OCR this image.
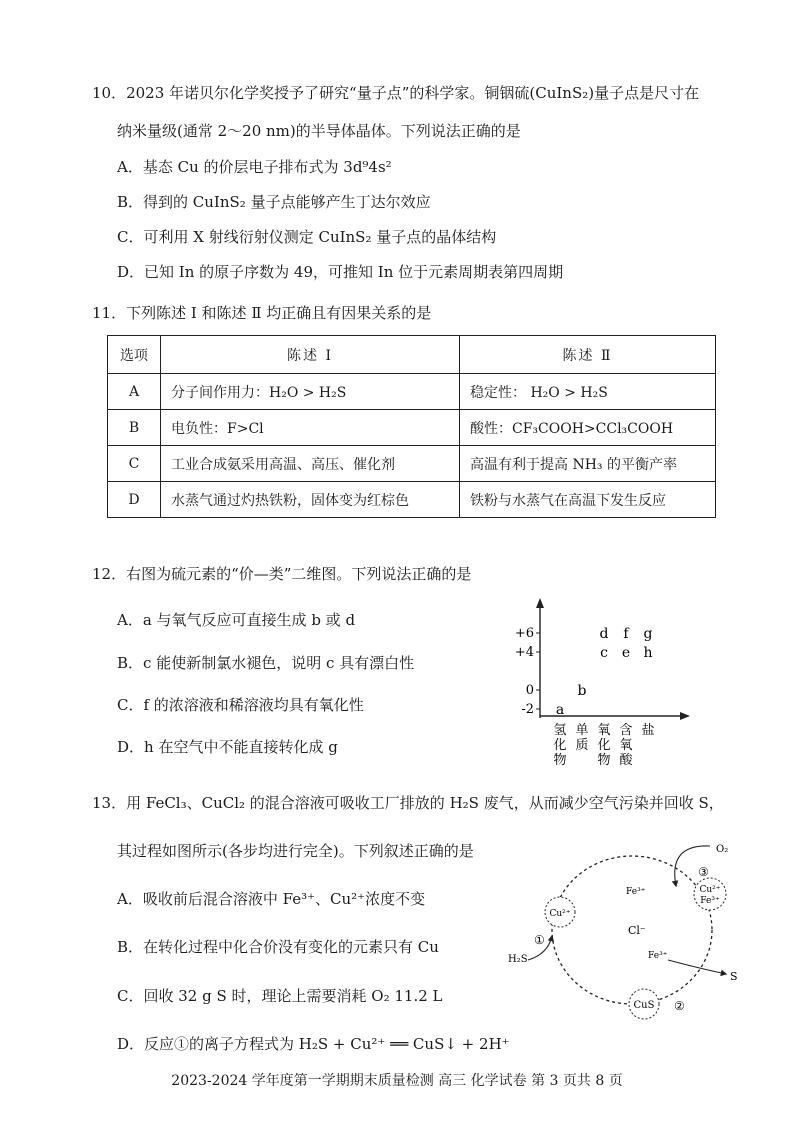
10．2023 年诺贝尔化学奖授予了研究“量子点”的科学家。铜铟硫(CuInS₂)量子点是尺寸在
纳米量级(通常 2～20 nm)的半导体晶体。下列说法正确的是
A．基态 Cu 的价层电子排布式为 3d⁹4s²
B．得到的 CuInS₂ 量子点能够产生丁达尔效应
C．可利用 X 射线衍射仪测定 CuInS₂ 量子点的晶体结构
D．已知 In 的原子序数为 49，可推知 In 位于元素周期表第四周期
11．下列陈述 Ⅰ 和陈述 Ⅱ 均正确且有因果关系的是
选项	陈述 Ⅰ	陈述 Ⅱ
A	分子间作用力：H₂O > H₂S	稳定性： H₂O > H₂S
B	电负性：F>Cl	酸性：CF₃COOH>CCl₃COOH
C	工业合成氨采用高温、高压、催化剂	高温有利于提高 NH₃ 的平衡产率
D	水蒸气通过灼热铁粉，固体变为红棕色	铁粉与水蒸气在高温下发生反应
12．右图为硫元素的“价—类”二维图。下列说法正确的是
A．a 与氧气反应可直接生成 b 或 d
B．c 能使新制氯水褪色，说明 c 具有漂白性
C．f 的浓溶液和稀溶液均具有氧化性
D．h 在空气中不能直接转化成 g
+6
+4
0
-2 a
b
c
d
e
f g
h
氢化物
单质
氧化物
含氧酸
盐
13．用 FeCl₃、CuCl₂ 的混合溶液可吸收工厂排放的 H₂S 废气，从而减少空气污染并回收 S，
其过程如图所示(各步均进行完全)。下列叙述正确的是
A．吸收前后混合溶液中 Fe³⁺、Cu²⁺浓度不变
B．在转化过程中化合价没有变化的元素只有 Cu
C．回收 32 g S 时，理论上需要消耗 O₂ 11.2 L
D．反应①的离子方程式为 H₂S + Cu²⁺ ══ CuS↓ + 2H⁺
Cu²⁺
Fe³⁺
Cu²⁺
CuS
O₂
③
Fe³⁺
Cl⁻
①
H₂S	Fe³⁺
S
②
2023-2024 学年度第一学期期末质量检测 高三 化学试卷 第 3 页共 8 页
